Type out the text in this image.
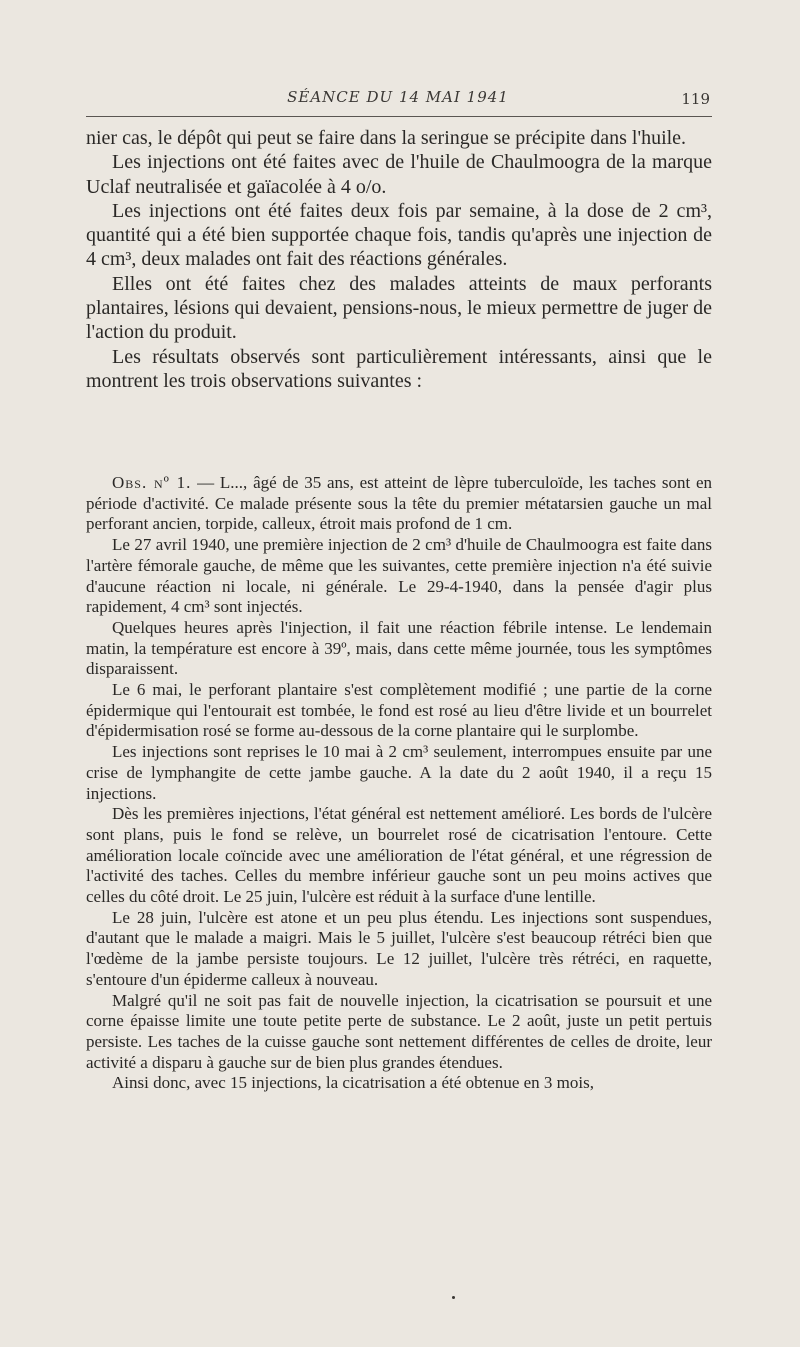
SÉANCE DU 14 MAI 1941	119

nier cas, le dépôt qui peut se faire dans la seringue se précipite dans l'huile.

Les injections ont été faites avec de l'huile de Chaulmoogra de la marque Uclaf neutralisée et gaïacolée à 4 o/o.

Les injections ont été faites deux fois par semaine, à la dose de 2 cm³, quantité qui a été bien supportée chaque fois, tandis qu'après une injection de 4 cm³, deux malades ont fait des réactions générales.

Elles ont été faites chez des malades atteints de maux perforants plantaires, lésions qui devaient, pensions-nous, le mieux permettre de juger de l'action du produit.

Les résultats observés sont particulièrement intéressants, ainsi que le montrent les trois observations suivantes :

Obs. nº 1. — L..., âgé de 35 ans, est atteint de lèpre tuberculoïde, les taches sont en période d'activité. Ce malade présente sous la tête du premier métatarsien gauche un mal perforant ancien, torpide, calleux, étroit mais profond de 1 cm.

Le 27 avril 1940, une première injection de 2 cm³ d'huile de Chaulmoogra est faite dans l'artère fémorale gauche, de même que les suivantes, cette première injection n'a été suivie d'aucune réaction ni locale, ni générale. Le 29-4-1940, dans la pensée d'agir plus rapidement, 4 cm³ sont injectés.

Quelques heures après l'injection, il fait une réaction fébrile intense. Le lendemain matin, la température est encore à 39º, mais, dans cette même journée, tous les symptômes disparaissent.

Le 6 mai, le perforant plantaire s'est complètement modifié ; une partie de la corne épidermique qui l'entourait est tombée, le fond est rosé au lieu d'être livide et un bourrelet d'épidermisation rosé se forme au-dessous de la corne plantaire qui le surplombe.

Les injections sont reprises le 10 mai à 2 cm³ seulement, interrompues ensuite par une crise de lymphangite de cette jambe gauche. A la date du 2 août 1940, il a reçu 15 injections.

Dès les premières injections, l'état général est nettement amélioré. Les bords de l'ulcère sont plans, puis le fond se relève, un bourrelet rosé de cicatrisation l'entoure. Cette amélioration locale coïncide avec une amélioration de l'état général, et une régression de l'activité des taches. Celles du membre inférieur gauche sont un peu moins actives que celles du côté droit. Le 25 juin, l'ulcère est réduit à la surface d'une lentille.

Le 28 juin, l'ulcère est atone et un peu plus étendu. Les injections sont suspendues, d'autant que le malade a maigri. Mais le 5 juillet, l'ulcère s'est beaucoup rétréci bien que l'œdème de la jambe persiste toujours. Le 12 juillet, l'ulcère très rétréci, en raquette, s'entoure d'un épiderme calleux à nouveau.

Malgré qu'il ne soit pas fait de nouvelle injection, la cicatrisation se poursuit et une corne épaisse limite une toute petite perte de substance. Le 2 août, juste un petit pertuis persiste. Les taches de la cuisse gauche sont nettement différentes de celles de droite, leur activité a disparu à gauche sur de bien plus grandes étendues.

Ainsi donc, avec 15 injections, la cicatrisation a été obtenue en 3 mois,
